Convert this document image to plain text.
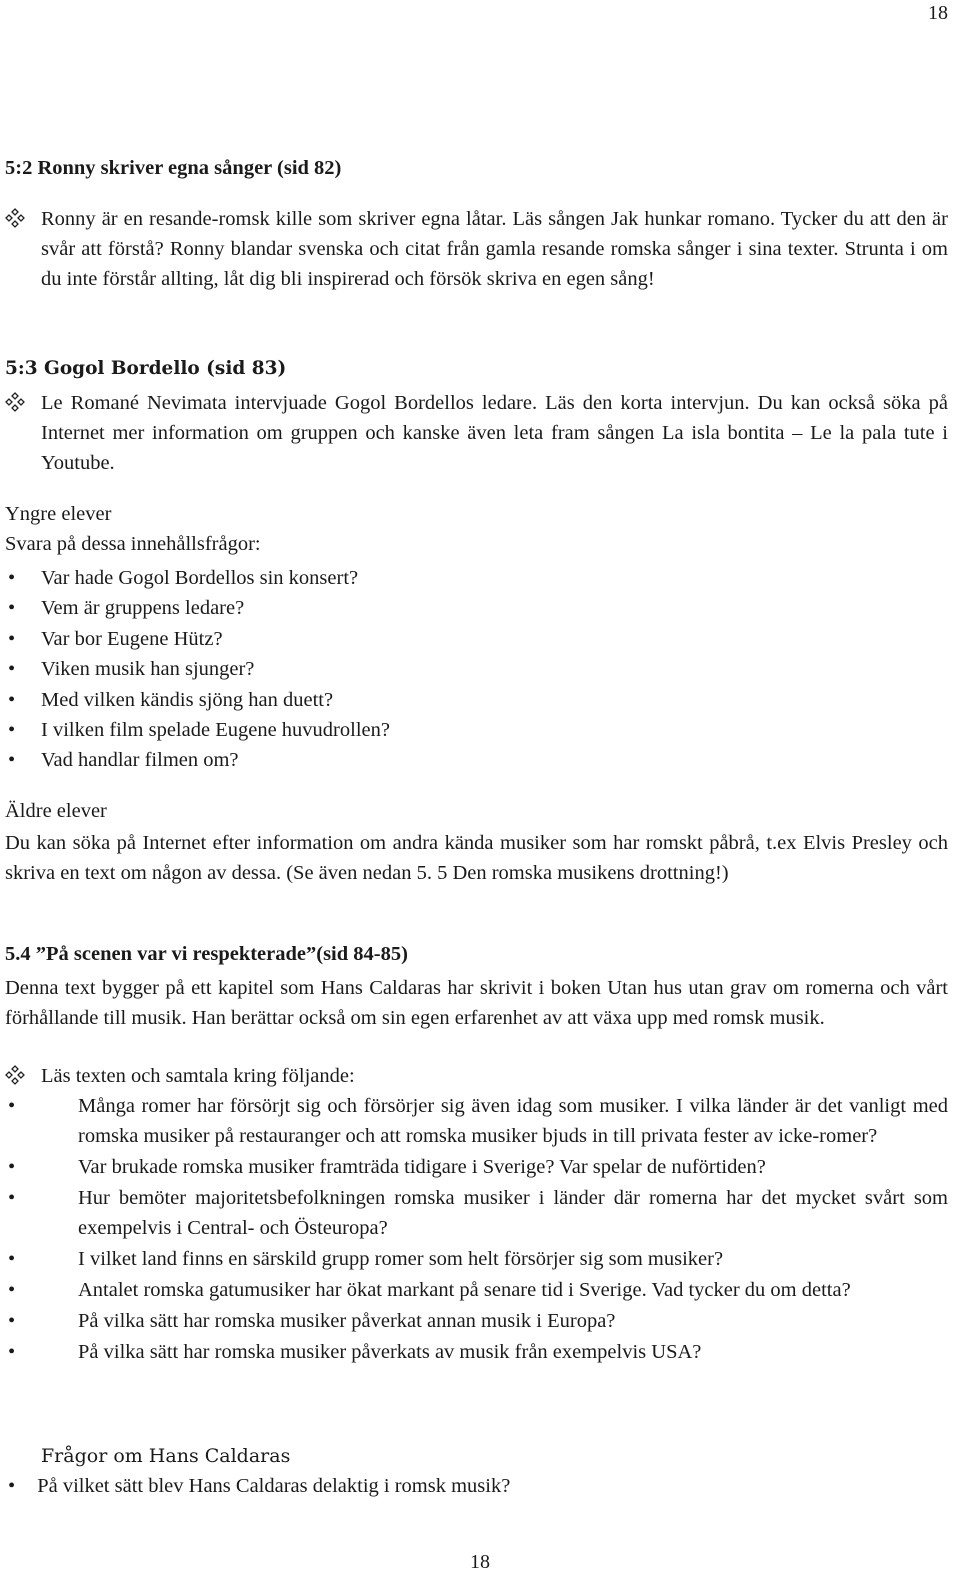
18
5:2 Ronny skriver egna sånger (sid 82)
Ronny är en resande-romsk kille som skriver egna låtar. Läs sången Jak hunkar romano. Tycker du att den är svår att förstå? Ronny blandar svenska och citat från gamla resande romska sånger i sina texter. Strunta i om du inte förstår allting, låt dig bli inspirerad och försök skriva en egen sång!
5:3 Gogol Bordello (sid 83)
Le Romané Nevimata intervjuade Gogol Bordellos ledare. Läs den korta intervjun. Du kan också söka på Internet mer information om gruppen och kanske även leta fram sången La isla bontita – Le la pala tute i Youtube.
Yngre elever
Svara på dessa innehållsfrågor:
• Var hade Gogol Bordellos sin konsert?
• Vem är gruppens ledare?
• Var bor Eugene Hütz?
• Viken musik han sjunger?
• Med vilken kändis sjöng han duett?
• I vilken film spelade Eugene huvudrollen?
• Vad handlar filmen om?
Äldre elever
Du kan söka på Internet efter information om andra kända musiker som har romskt påbrå, t.ex Elvis Presley och skriva en text om någon av dessa. (Se även nedan 5. 5 Den romska musikens drottning!)
5.4 ”På scenen var vi respekterade”(sid 84-85)
Denna text bygger på ett kapitel som Hans Caldaras har skrivit i boken Utan hus utan grav om romerna och vårt förhållande till musik. Han berättar också om sin egen erfarenhet av att växa upp med romsk musik.
Läs texten och samtala kring följande:
•	Många romer har försörjt sig och försörjer sig även idag som musiker. I vilka länder är det vanligt med romska musiker på restauranger och att romska musiker bjuds in till privata fester av icke-romer?
•	Var brukade romska musiker framträda tidigare i Sverige? Var spelar de nuförtiden?
•	Hur bemöter majoritetsbefolkningen romska musiker i länder där romerna har det mycket svårt som exempelvis i Central- och Östeuropa?
•	I vilket land finns en särskild grupp romer som helt försörjer sig som musiker?
•	Antalet romska gatumusiker har ökat markant på senare tid i Sverige. Vad tycker du om detta?
•	På vilka sätt har romska musiker påverkat annan musik i Europa?
•	På vilka sätt har romska musiker påverkats av musik från exempelvis USA?
Frågor om Hans Caldaras
• På vilket sätt blev Hans Caldaras delaktig i romsk musik?
18
